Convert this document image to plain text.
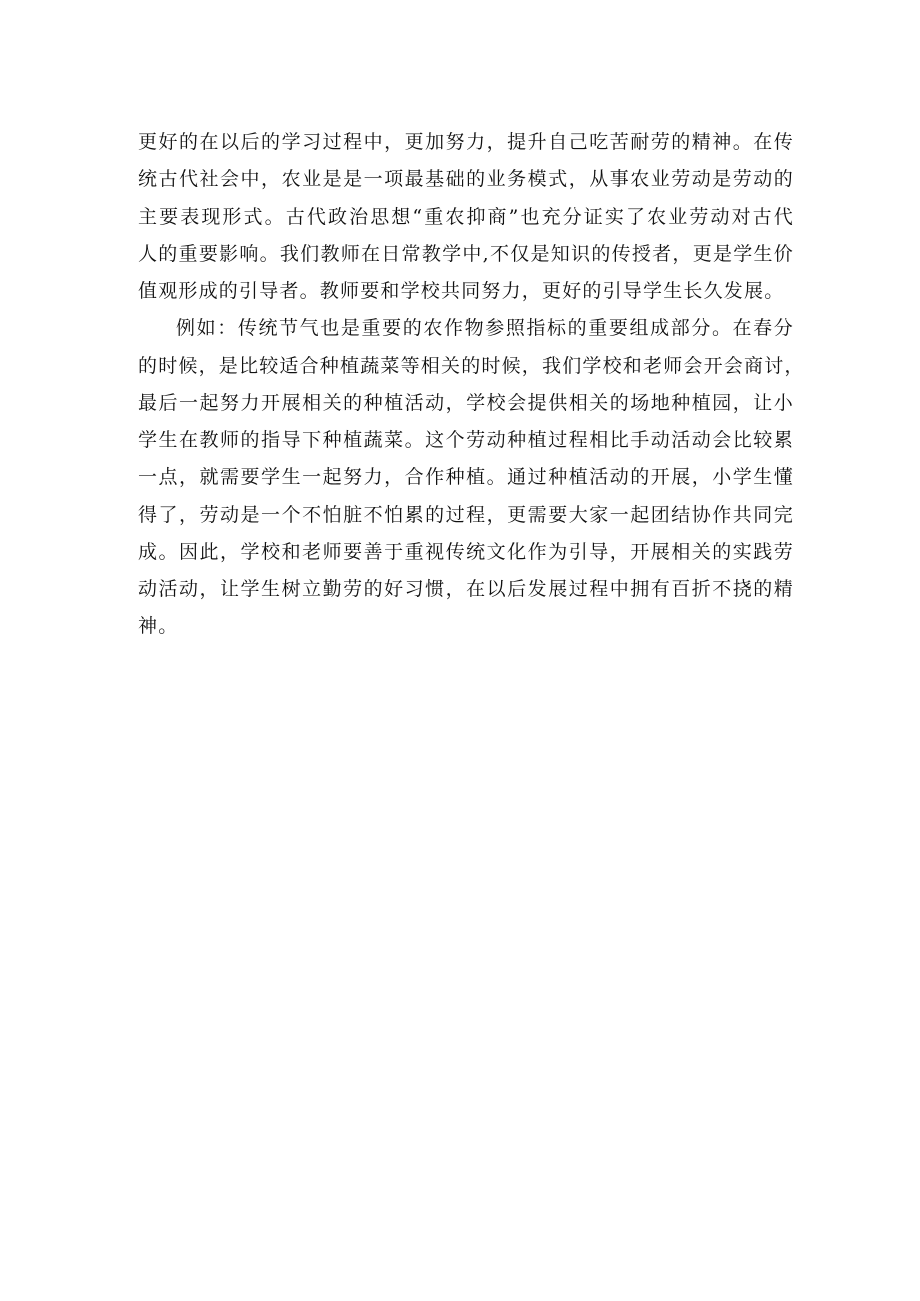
更好的在以后的学习过程中，更加努力，提升自己吃苦耐劳的精神。在传
统古代社会中，农业是是一项最基础的业务模式，从事农业劳动是劳动的
主要表现形式。古代政治思想“重农抑商”也充分证实了农业劳动对古代
人的重要影响。我们教师在日常教学中,不仅是知识的传授者，更是学生价
值观形成的引导者。教师要和学校共同努力，更好的引导学生长久发展。
例如：传统节气也是重要的农作物参照指标的重要组成部分。在春分
的时候，是比较适合种植蔬菜等相关的时候，我们学校和老师会开会商讨，
最后一起努力开展相关的种植活动，学校会提供相关的场地种植园，让小
学生在教师的指导下种植蔬菜。这个劳动种植过程相比手动活动会比较累
一点，就需要学生一起努力，合作种植。通过种植活动的开展，小学生懂
得了，劳动是一个不怕脏不怕累的过程，更需要大家一起团结协作共同完
成。因此，学校和老师要善于重视传统文化作为引导，开展相关的实践劳
动活动，让学生树立勤劳的好习惯，在以后发展过程中拥有百折不挠的精
神。
